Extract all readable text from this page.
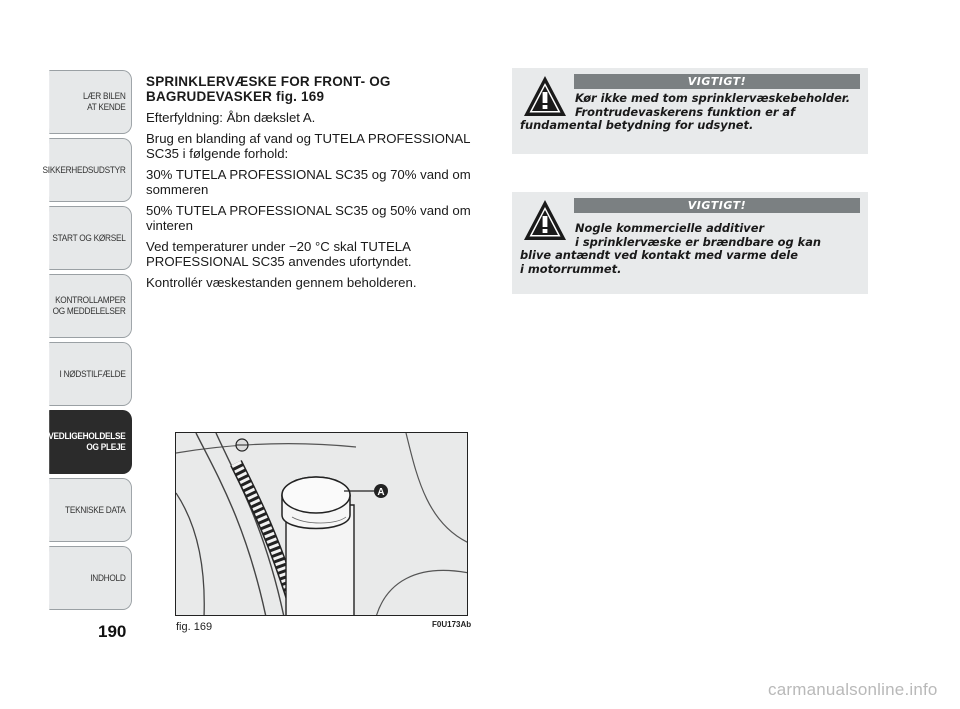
LÆR BILEN
AT KENDE
SIKKERHEDSUDSTYR
START OG KØRSEL
KONTROLLAMPER
OG MEDDELELSER
I NØDSTILFÆLDE
VEDLIGEHOLDELSE
OG PLEJE
TEKNISKE DATA
INDHOLD
190
SPRINKLERVÆSKE FOR FRONT- OG BAGRUDEVASKER fig. 169

Efterfyldning: Åbn dækslet A.

Brug en blanding af vand og TUTELA PROFESSIONAL SC35 i følgende forhold:

30% TUTELA PROFESSIONAL SC35 og 70% vand om sommeren

50% TUTELA PROFESSIONAL SC35 og 50% vand om vinteren

Ved temperaturer under −20 °C skal TUTELA PROFESSIONAL SC35 anvendes ufortyndet.

Kontrollér væskestanden gennem beholderen.

VIGTIGT!
Kør ikke med tom sprinklervæskebeholder.
Frontrudevaskerens funktion er af
fundamental betydning for udsynet.
VIGTIGT!
Nogle kommercielle additiver
i sprinklervæske er brændbare og kan
blive antændt ved kontakt med varme dele
i motorrummet.
A
fig. 169	F0U173Ab
carmanualsonline.info
